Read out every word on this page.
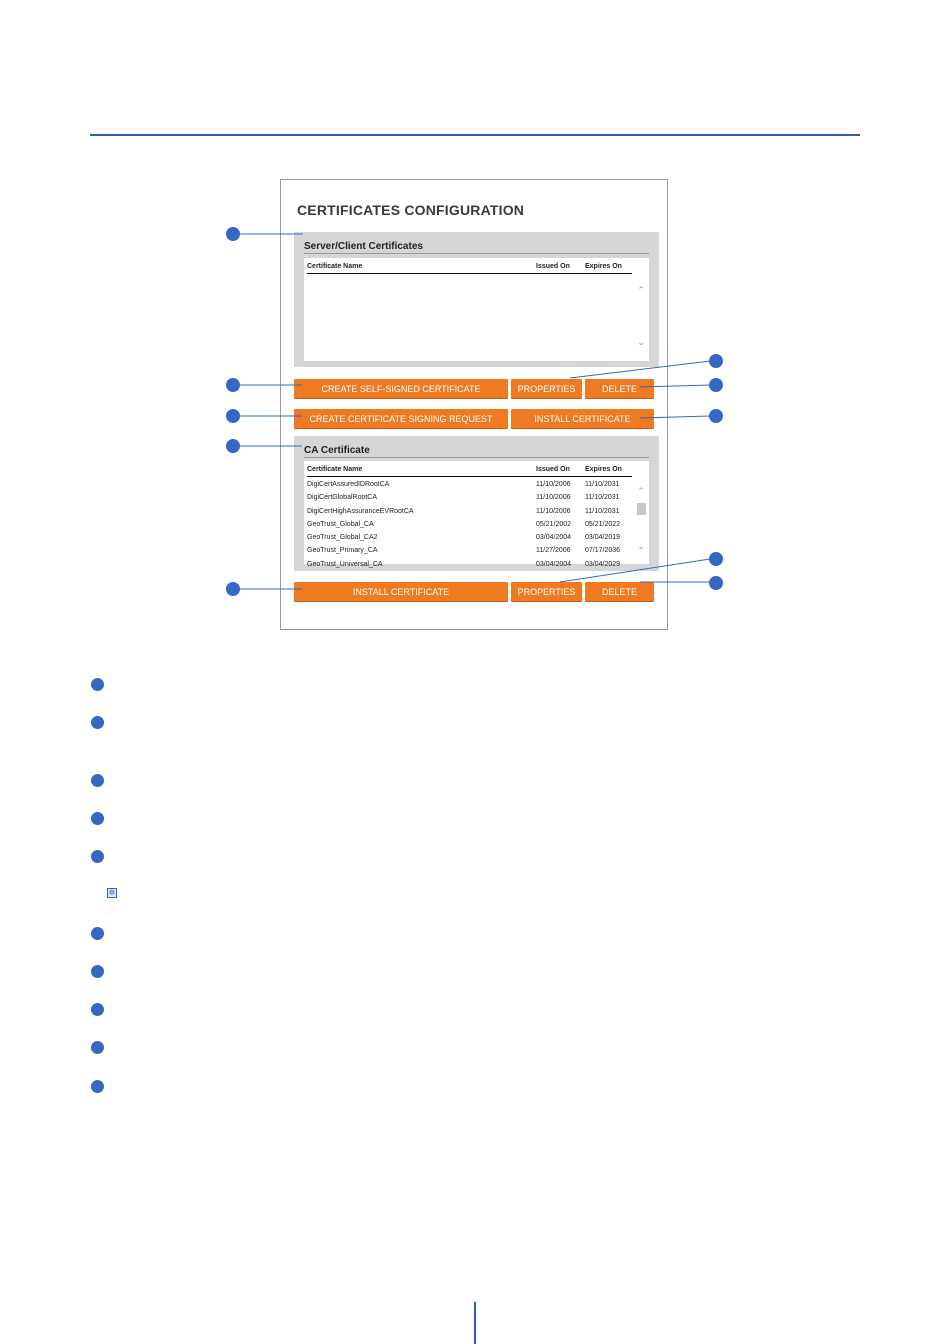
CERTIFICATES CONFIGURATION
Server/Client Certificates
Certificate Name	Issued On Expires On
⌃
⌄
CREATE SELF-SIGNED CERTIFICATE	PROPERTIES	DELETE
CREATE CERTIFICATE SIGNING REQUEST	INSTALL CERTIFICATE
CA Certificate
Certificate Name	Issued On Expires On
DigiCertAssuredIDRootCA	11/10/2006 11/10/2031
DigiCertGlobalRootCA	11/10/2006 11/10/2031
DigiCertHighAssuranceEVRootCA	11/10/2006 11/10/2031
GeoTrust_Global_CA	05/21/2002 05/21/2022
GeoTrust_Global_CA2	03/04/2004 03/04/2019
GeoTrust_Primary_CA	11/27/2006 07/17/2036
GeoTrust_Universal_CA	03/04/2004 03/04/2029
⌃
⌄
INSTALL CERTIFICATE	PROPERTIES	DELETE
✲
